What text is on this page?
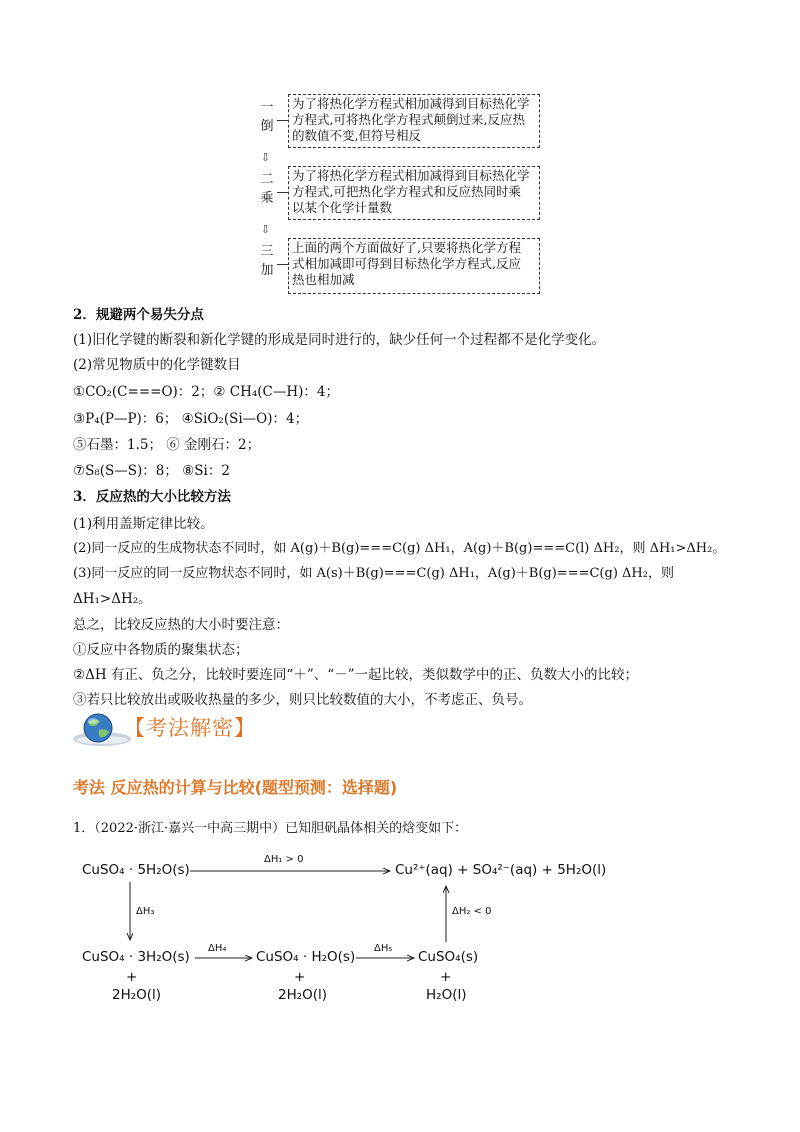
一
倒
为了将热化学方程式相加减得到目标热化学
方程式,可将热化学方程式颠倒过来,反应热
的数值不变,但符号相反
⇩
二
乘
为了将热化学方程式相加减得到目标热化学
方程式,可把热化学方程式和反应热同时乘
以某个化学计量数
⇩
三
加
上面的两个方面做好了,只要将热化学方程
式相加减即可得到目标热化学方程式,反应
热也相加减
2．规避两个易失分点
(1)旧化学键的断裂和新化学键的形成是同时进行的，缺少任何一个过程都不是化学变化。
(2)常见物质中的化学键数目
①CO₂(C===O)：2；② CH₄(C—H)：4；
③P₄(P—P)：6； ④SiO₂(Si—O)：4；
⑤石墨：1.5； ⑥ 金刚石：2；
⑦S₈(S—S)：8； ⑧Si：2
3．反应热的大小比较方法
(1)利用盖斯定律比较。
(2)同一反应的生成物状态不同时，如 A(g)＋B(g)===C(g) ΔH₁，A(g)＋B(g)===C(l) ΔH₂，则 ΔH₁>ΔH₂。
(3)同一反应的同一反应物状态不同时，如 A(s)＋B(g)===C(g) ΔH₁，A(g)＋B(g)===C(g) ΔH₂，则
ΔH₁>ΔH₂。
总之，比较反应热的大小时要注意：
①反应中各物质的聚集状态；
②ΔH 有正、负之分，比较时要连同“＋”、“－”一起比较，类似数学中的正、负数大小的比较；
③若只比较放出或吸收热量的多少，则只比较数值的大小，不考虑正、负号。
【考法解密】
考法 反应热的计算与比较(题型预测：选择题)
1．（2022·浙江·嘉兴一中高三期中）已知胆矾晶体相关的焓变如下：
CuSO₄ · 5H₂O(s)	Cu²⁺(aq) + SO₄²⁻(aq) + 5H₂O(l)
ΔH₁ > 0
ΔH₃	ΔH₂ < 0
ΔH₄	ΔH₅
CuSO₄ · 3H₂O(s)
+
2H₂O(l)
CuSO₄ · H₂O(s)
+
2H₂O(l)
CuSO₄(s)
+
H₂O(l)
